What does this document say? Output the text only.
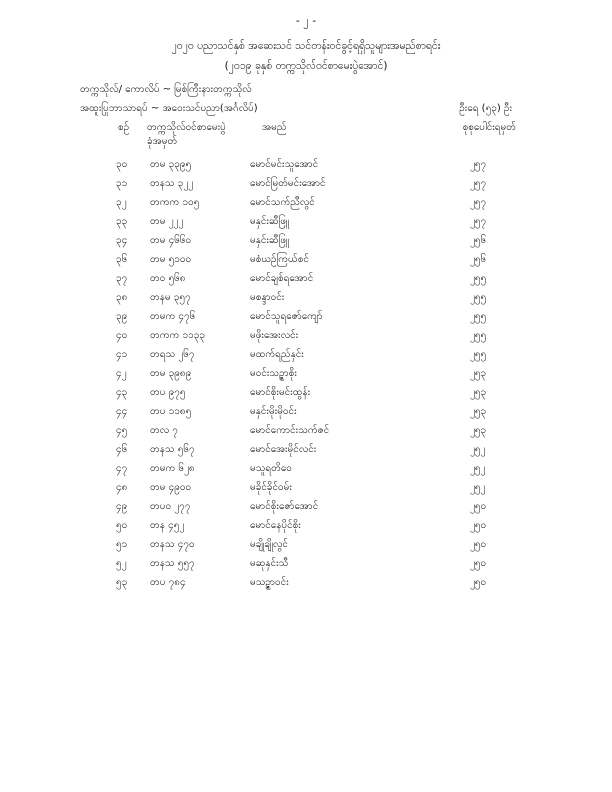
- ၂ -
၂၀၂၀ ပညာသင်နှစ် အဆေးသင် သင်တန်းဝင်ခွင့်ရရှိသူများအမည်စာရင်း
(၂၀၁၉ ခုနှစ် တက္ကသိုလ်ဝင်စာမေးပွဲအောင်)
တက္ကသိုလ်/ ကောလိပ် ~ မြစ်ကြီးနားတက္ကသိုလ်
အထူးပြုဘာသာရပ် ~ အဝေးသင်ပညာ(အင်္ဂလိပ်)	ဦးရေ (၅၃) ဦး
စဉ် တက္ကသိုလ်ဝင်စာမေးပွဲ
ခုံအမှတ်
အမည်	စုစုပေါင်းရမှတ်
၃၀	တမ ၃၃၉၅	မောင်မင်းသူအောင်	၂၅၇
၃၁	တနသ ၃၂၂	မောင်မြတ်မင်းအောင်	၂၅၇
၃၂	တကက ၁၀၅	မောင်သက်ညီလွင်	၂၅၇
၃၃	တမ ၂၂၂	မနှင်းဆီဖြူ	၂၅၇
၃၄	တမ ၄၆၆၀	မနှင်းဆီဖြူ	၂၅၆
၃၆	တမ ၅၁၀၀	မစံယဉ်ကြယ်စင်	၂၅၆
၃၇	တဝ ၅၆၈	မောင်ချစ်ရအောင်	၂၅၅
၃၈	တနမ ၃၅၇	မစန္ဒာဝင်း	၂၅၅
၃၉	တမက ၄၇၆	မောင်သူရဇော်ကျော်	၂၅၅
၄၀	တကက ၁၁၃၃	မဖိုးအေးလင်း	၂၅၅
၄၁	တရသ ၂၆၇	မထက်ရည်နှင်း	၂၅၅
၄၂	တမ ၃၉၈၉	မဝင်းသဉ္ဇာစိုး	၂၅၃
၄၃	တပ ၉၇၅	မောင်စိုးမင်းထွန်း	၂၅၃
၄၄	တပ ၁၁၈၅	မနှင်းမိုးမိုဝင်း	၂၅၃
၄၅	တလ ၇	မောင်ကောင်းသက်ဇင်	၂၅၃
၄၆	တနသ ၅၆၇	မောင်အေးမိုင်လင်း	၂၅၂
၄၇	တမက ၆၂၈	မသူရတိဝေ	၂၅၂
၄၈	တမ ၄၉၀၀	မခိုင်ခိုင်ဝမ်း	၂၅၂
၄၉	တပဝ ၂၇၇	မောင်စိုးဇော်အောင်	၂၅၀
၅၀	တန ၄၅၂	မောင်နေပိုင်စိုး	၂၅၀
၅၁	တနသ ၄၇၀	မချိုချိုလွင်	၂၅၀
၅၂	တနသ ၅၅၇	မဆုနှင်းသီ	၂၅၀
၅၃	တပ ၇၈၄	မသဉ္ဇာဝင်း	၂၅၀
